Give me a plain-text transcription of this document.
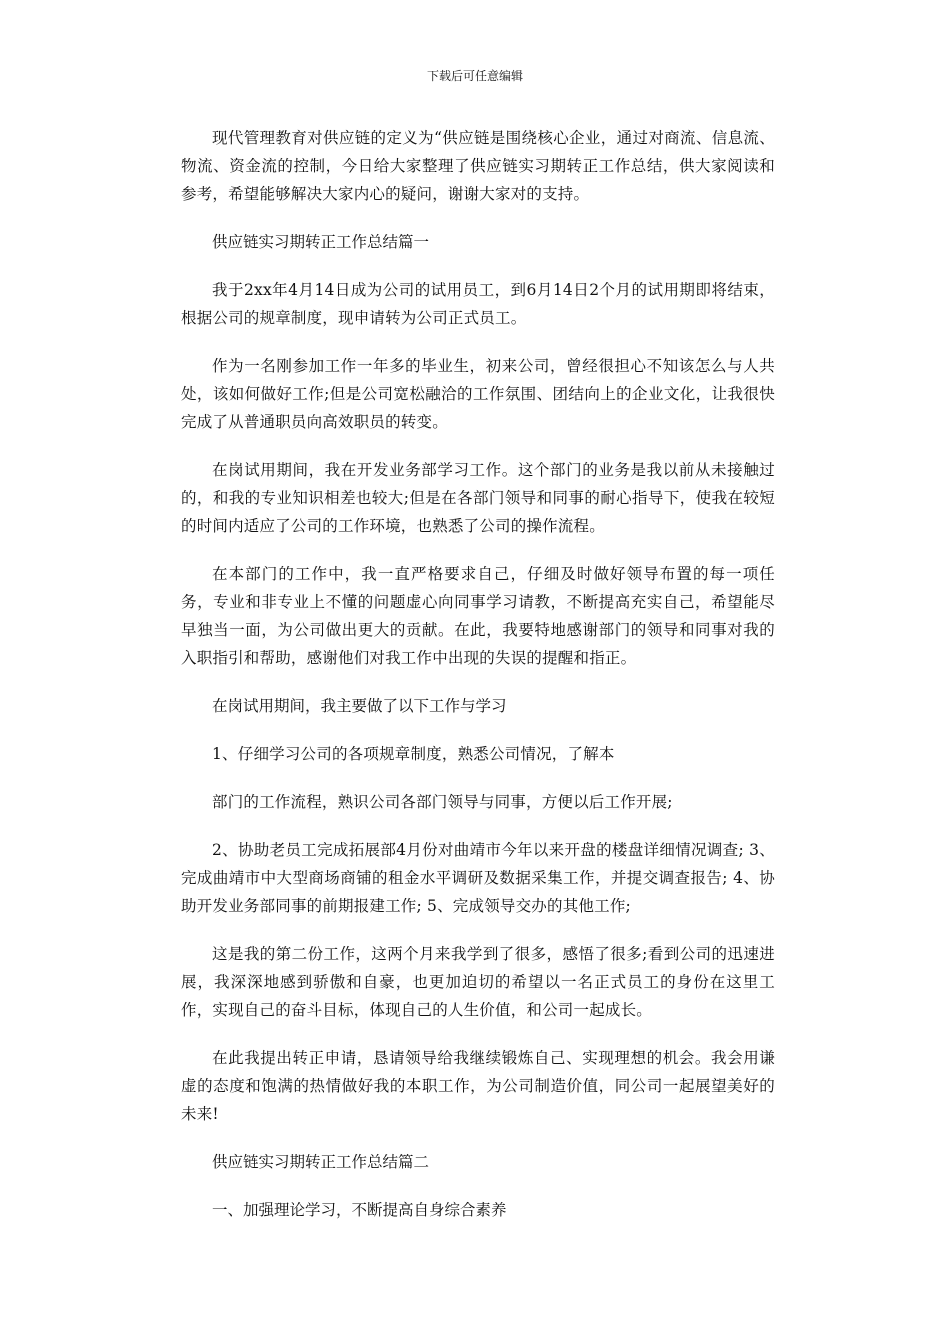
下载后可任意编辑

现代管理教育对供应链的定义为“供应链是围绕核心企业，通过对商流、信息流、物流、资金流的控制，今日给大家整理了供应链实习期转正工作总结，供大家阅读和参考，希望能够解决大家内心的疑问，谢谢大家对的支持。

供应链实习期转正工作总结篇一

我于2xx年4月14日成为公司的试用员工，到6月14日2个月的试用期即将结束，根据公司的规章制度，现申请转为公司正式员工。

作为一名刚参加工作一年多的毕业生，初来公司，曾经很担心不知该怎么与人共处，该如何做好工作;但是公司宽松融洽的工作氛围、团结向上的企业文化，让我很快完成了从普通职员向高效职员的转变。

在岗试用期间，我在开发业务部学习工作。这个部门的业务是我以前从未接触过的，和我的专业知识相差也较大;但是在各部门领导和同事的耐心指导下，使我在较短的时间内适应了公司的工作环境，也熟悉了公司的操作流程。

在本部门的工作中，我一直严格要求自己，仔细及时做好领导布置的每一项任务，专业和非专业上不懂的问题虚心向同事学习请教，不断提高充实自己，希望能尽早独当一面，为公司做出更大的贡献。在此，我要特地感谢部门的领导和同事对我的入职指引和帮助，感谢他们对我工作中出现的失误的提醒和指正。

在岗试用期间，我主要做了以下工作与学习

1、仔细学习公司的各项规章制度，熟悉公司情况，了解本

部门的工作流程，熟识公司各部门领导与同事，方便以后工作开展;

2、协助老员工完成拓展部4月份对曲靖市今年以来开盘的楼盘详细情况调查; 3、完成曲靖市中大型商场商铺的租金水平调研及数据采集工作，并提交调查报告; 4、协助开发业务部同事的前期报建工作; 5、完成领导交办的其他工作;

这是我的第二份工作，这两个月来我学到了很多，感悟了很多;看到公司的迅速进展，我深深地感到骄傲和自豪，也更加迫切的希望以一名正式员工的身份在这里工作，实现自己的奋斗目标，体现自己的人生价值，和公司一起成长。

在此我提出转正申请，恳请领导给我继续锻炼自己、实现理想的机会。我会用谦虚的态度和饱满的热情做好我的本职工作，为公司制造价值，同公司一起展望美好的未来!

供应链实习期转正工作总结篇二

一、加强理论学习，不断提高自身综合素养
